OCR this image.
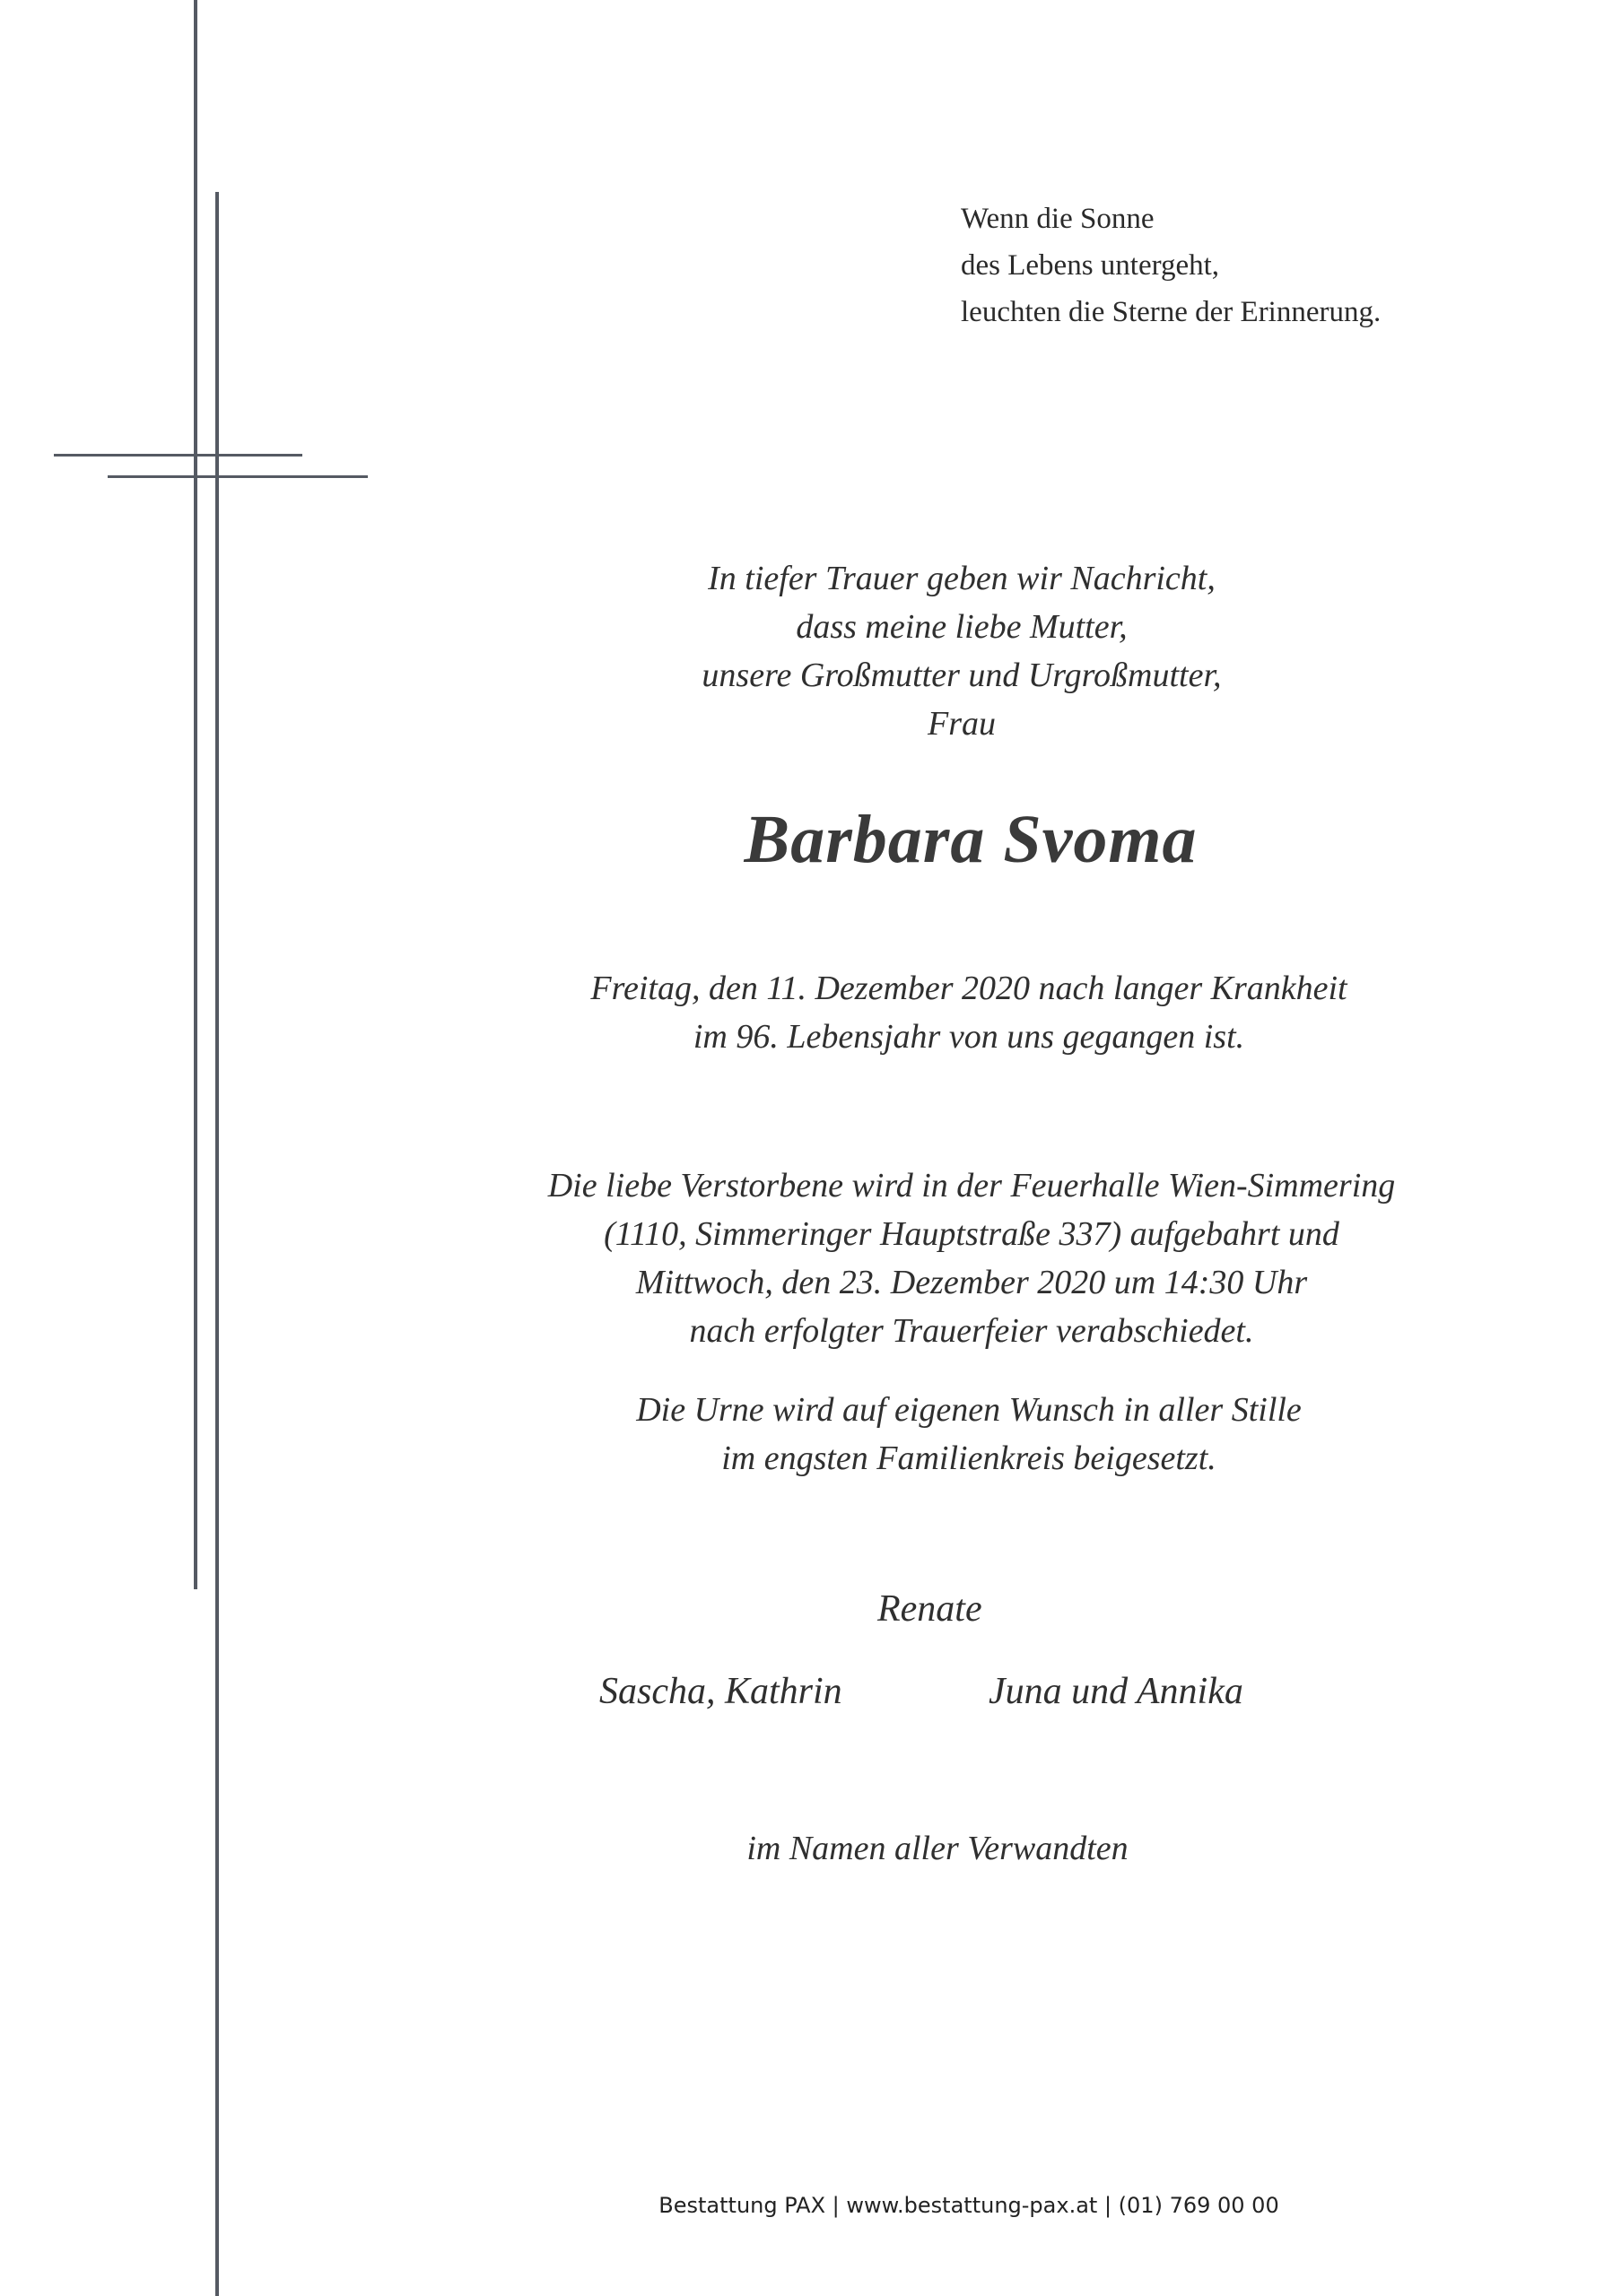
Wenn die Sonne
des Lebens untergeht,
leuchten die Sterne der Erinnerung.
In tiefer Trauer geben wir Nachricht,
dass meine liebe Mutter,
unsere Großmutter und Urgroßmutter,
Frau
Barbara Svoma
Freitag, den 11. Dezember 2020 nach langer Krankheit
im 96. Lebensjahr von uns gegangen ist.
Die liebe Verstorbene wird in der Feuerhalle Wien-Simmering
(1110, Simmeringer Hauptstraße 337) aufgebahrt und
Mittwoch, den 23. Dezember 2020 um 14:30 Uhr
nach erfolgter Trauerfeier verabschiedet.
Die Urne wird auf eigenen Wunsch in aller Stille
im engsten Familienkreis beigesetzt.
Renate
Sascha, Kathrin	Juna und Annika
im Namen aller Verwandten
Bestattung PAX | www.bestattung-pax.at | (01) 769 00 00
